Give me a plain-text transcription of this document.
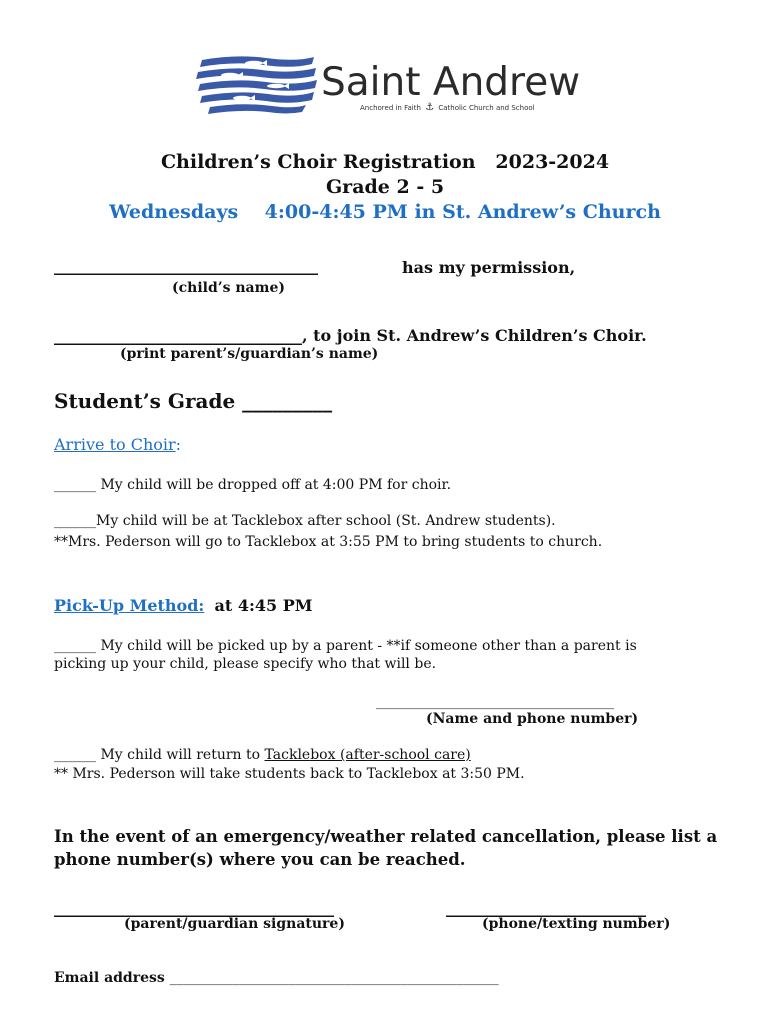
Saint Andrew
Anchored in Faith ⚓ Catholic Church and School
Children’s Choir Registration 2023-2024
Grade 2 - 5
Wednesdays 4:00-4:45 PM in St. Andrew’s Church
_________________________________	has my permission,
(child’s name)
_______________________________, to join St. Andrew’s Children’s Choir.
(print parent’s/guardian’s name)
Student’s Grade _________
Arrive to Choir:
______ My child will be dropped off at 4:00 PM for choir.
______My child will be at Tacklebox after school (St. Andrew students).
**Mrs. Pederson will go to Tacklebox at 3:55 PM to bring students to church.
Pick-Up Method: at 4:45 PM
______ My child will be picked up by a parent - **if someone other than a parent is
picking up your child, please specify who that will be.
__________________________________
(Name and phone number)
______ My child will return to Tacklebox (after-school care)
** Mrs. Pederson will take students back to Tacklebox at 3:50 PM.
In the event of an emergency/weather related cancellation, please list a
phone number(s) where you can be reached.
___________________________________
(parent/guardian signature)
_________________________
(phone/texting number)
Email address _______________________________________________
